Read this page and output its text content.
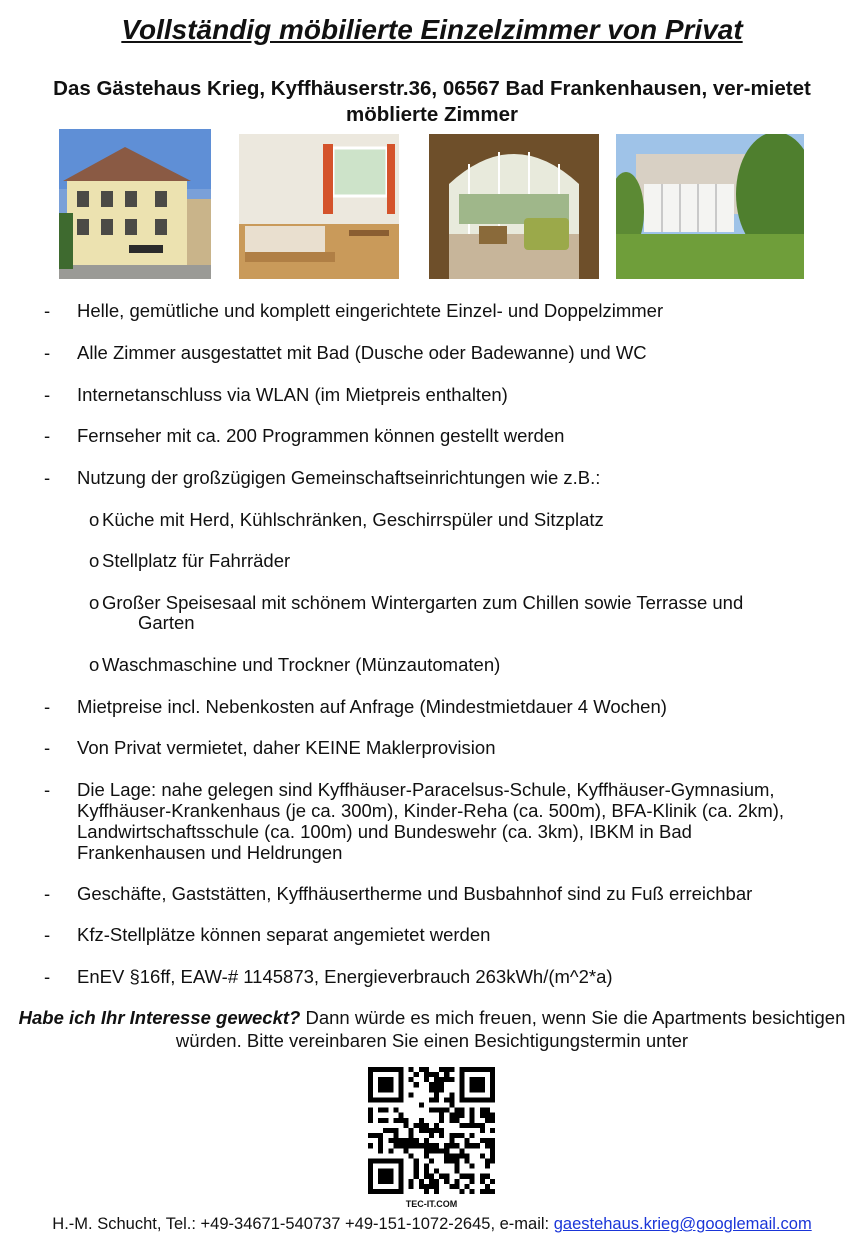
Vollständig möbilierte Einzelzimmer von Privat
Das Gästehaus Krieg, Kyffhäuserstr.36, 06567 Bad Frankenhausen, ver-mietet möblierte Zimmer
- Helle, gemütliche und komplett eingerichtete Einzel- und Doppelzimmer
- Alle Zimmer ausgestattet mit Bad (Dusche oder Badewanne) und WC
- Internetanschluss via WLAN (im Mietpreis enthalten)
- Fernseher mit ca. 200 Programmen können gestellt werden
- Nutzung der großzügigen Gemeinschaftseinrichtungen wie z.B.:
o Küche mit Herd, Kühlschränken, Geschirrspüler und Sitzplatz
o Stellplatz für Fahrräder
o Großer Speisesaal mit schönem Wintergarten zum Chillen sowie Terrasse und
Garten
o Waschmaschine und Trockner (Münzautomaten)
- Mietpreise incl. Nebenkosten auf Anfrage (Mindestmietdauer 4 Wochen)
- Von Privat vermietet, daher KEINE Maklerprovision
- Die Lage: nahe gelegen sind Kyffhäuser-Paracelsus-Schule, Kyffhäuser-Gymnasium, Kyffhäuser-Krankenhaus (je ca. 300m), Kinder-Reha (ca. 500m), BFA-Klinik (ca. 2km), Landwirtschaftsschule (ca. 100m) und Bundeswehr (ca. 3km), IBKM in Bad Frankenhausen und Heldrungen
- Geschäfte, Gaststätten, Kyffhäusertherme und Busbahnhof sind zu Fuß erreichbar
- Kfz-Stellplätze können separat angemietet werden
- EnEV §16ff, EAW-# 1145873, Energieverbrauch 263kWh/(m^2*a)
Habe ich Ihr Interesse geweckt? Dann würde es mich freuen, wenn Sie die Apartments besichtigen würden. Bitte vereinbaren Sie einen Besichtigungstermin unter
TEC-IT.COM
H.-M. Schucht, Tel.: +49-34671-540737 +49-151-1072-2645, e-mail: gaestehaus.krieg@googlemail.com
